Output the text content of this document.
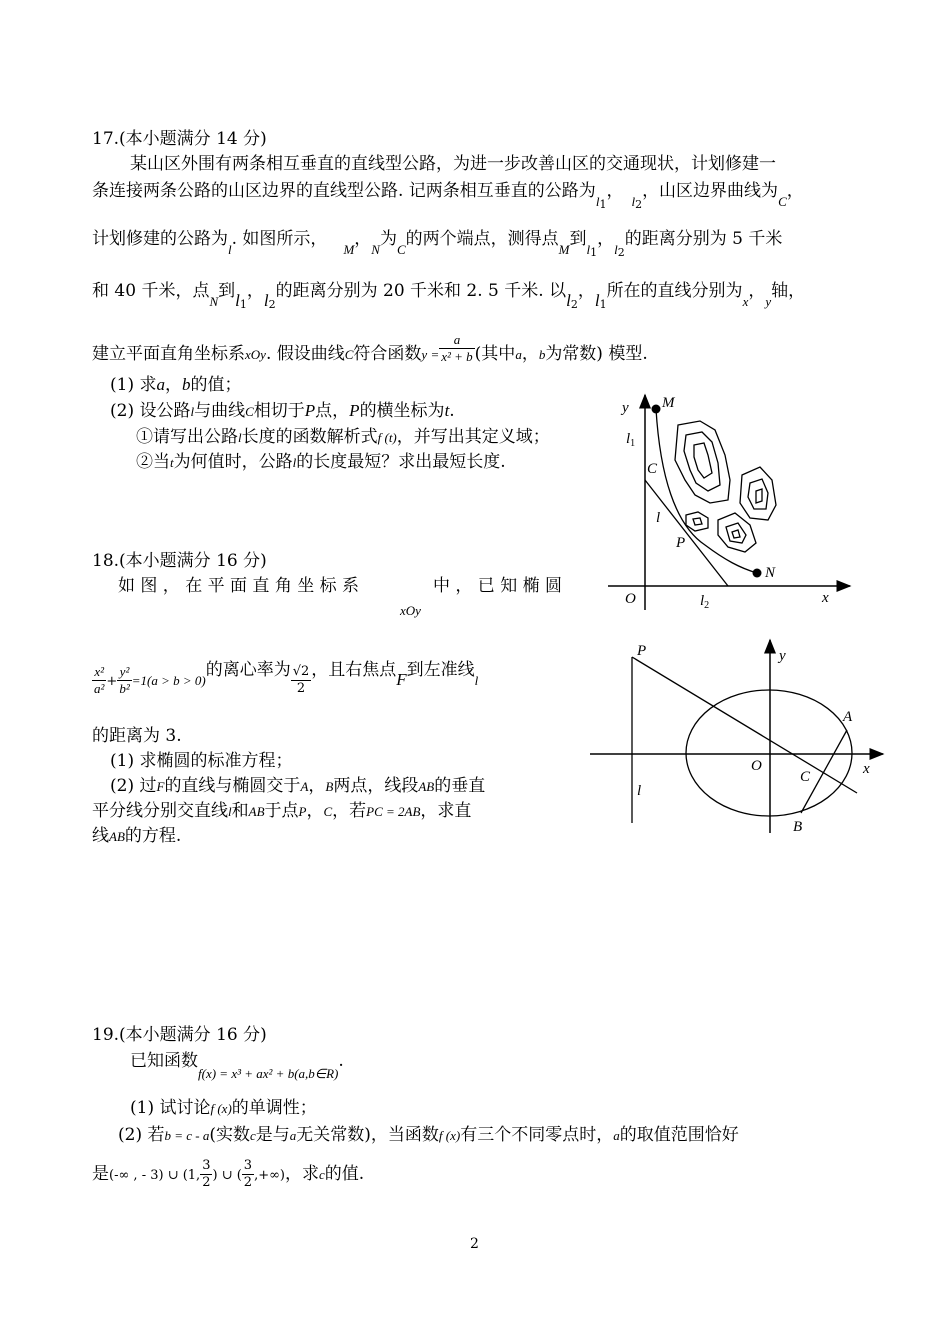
17.(本小题满分 14 分)
某山区外围有两条相互垂直的直线型公路，为进一步改善山区的交通现状，计划修建一
条连接两条公路的山区边界的直线型公路. 记两条相互垂直的公路为$_{l1}$，$_{l2}$，山区边界曲线为$_C$，
计划修建的公路为$_l$. 如图所示，$_M$，$_N$为$_C$的两个端点，测得点$_M$到$_{l1}$，$_{l2}$的距离分别为 5 千米
和 40 千米，点$_N$到$l_1$，$l_2$的距离分别为 20 千米和 2. 5 千米. 以$l_2$，$l_1$所在的直线分别为$_x$，$_y$轴，
建立平面直角坐标系xOy. 假设曲线C符合函数$y = \frac{a}{\text{x² + b}}$ (其中a，b为常数) 模型.
(1) 求a，b的值；
(2) 设公路l与曲线C相切于P点，P的横坐标为t.
①请写出公路l长度的函数解析式f (t)，并写出其定义域；
②当t为何值时，公路l的长度最短？求出最短长度.
y M
$l_1$
C
l
P
N
O	$l_2$	x
18.(本小题满分 16 分)
如 图 ， 在 平 面 直 角 坐 标 系
xOy
中 ， 已 知 椭 圆
$\frac{\text{x²}}{\text{a²}} + \frac{\text{y²}}{\text{b²}} =1(a > b > 0)$的离心率为 $\frac{√2}{2}$ ，且右焦点F到左准线l
的距离为 3.
(1) 求椭圆的标准方程；
(2) 过F的直线与椭圆交于A，B两点，线段AB的垂直
平分线分别交直线l和AB于点P，C，若PC = 2AB，求直
线AB的方程.
P	y
A
O
C	x
l
B
19.(本小题满分 16 分)
已知函数$_{f(x) = x^3 + ax^2 + b(a,b\in R)}$.
(1) 试讨论f (x)的单调性；
(2) 若b = c - a(实数c是与a无关常数)，当函数f (x)有三个不同零点时，a的取值范围恰好
是(-∞ , - 3) ∪ (1, $\frac{3}{2}$ ) ∪ ( $\frac{3}{2}$ ,+∞)，求c的值.
2
